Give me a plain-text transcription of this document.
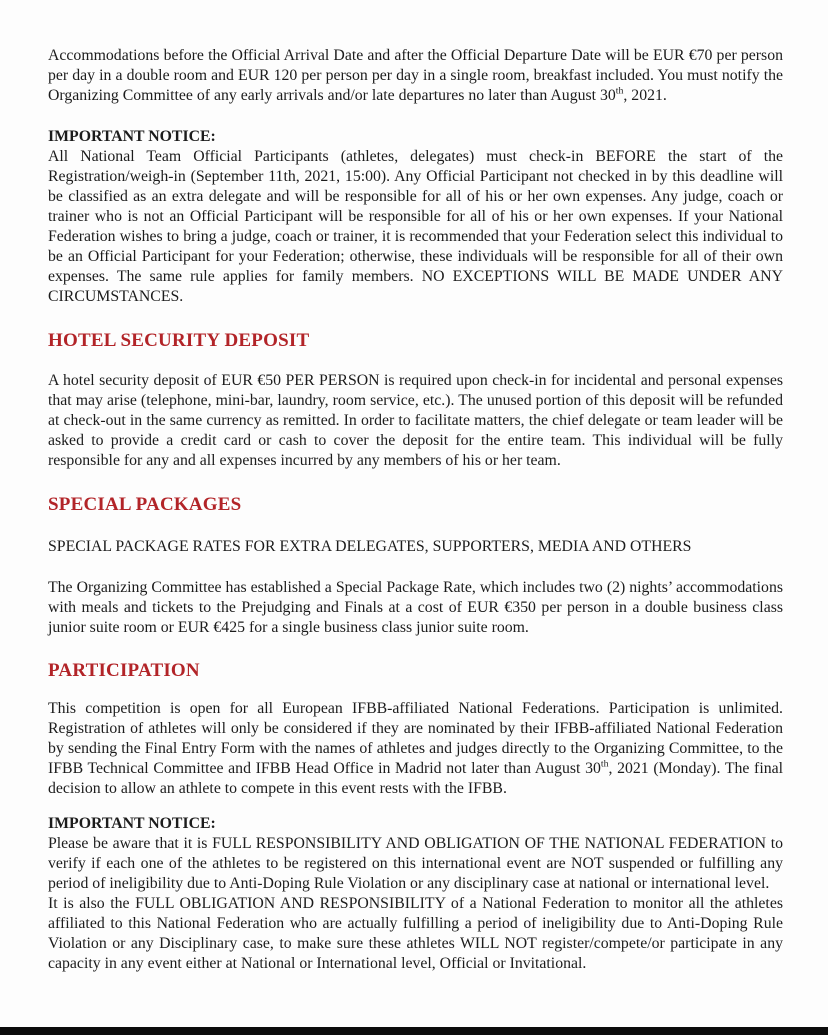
Accommodations before the Official Arrival Date and after the Official Departure Date will be EUR €70 per person per day in a double room and EUR 120 per person per day in a single room, breakfast included. You must notify the Organizing Committee of any early arrivals and/or late departures no later than August 30th, 2021.

IMPORTANT NOTICE:

All National Team Official Participants (athletes, delegates) must check-in BEFORE the start of the Registration/weigh-in (September 11th, 2021, 15:00). Any Official Participant not checked in by this deadline will be classified as an extra delegate and will be responsible for all of his or her own expenses. Any judge, coach or trainer who is not an Official Participant will be responsible for all of his or her own expenses. If your National Federation wishes to bring a judge, coach or trainer, it is recommended that your Federation select this individual to be an Official Participant for your Federation; otherwise, these individuals will be responsible for all of their own expenses. The same rule applies for family members. NO EXCEPTIONS WILL BE MADE UNDER ANY CIRCUMSTANCES.

HOTEL SECURITY DEPOSIT

A hotel security deposit of EUR €50 PER PERSON is required upon check-in for incidental and personal expenses that may arise (telephone, mini-bar, laundry, room service, etc.). The unused portion of this deposit will be refunded at check-out in the same currency as remitted. In order to facilitate matters, the chief delegate or team leader will be asked to provide a credit card or cash to cover the deposit for the entire team. This individual will be fully responsible for any and all expenses incurred by any members of his or her team.

SPECIAL PACKAGES

SPECIAL PACKAGE RATES FOR EXTRA DELEGATES, SUPPORTERS, MEDIA AND OTHERS

The Organizing Committee has established a Special Package Rate, which includes two (2) nights’ accommodations with meals and tickets to the Prejudging and Finals at a cost of EUR €350 per person in a double business class junior suite room or EUR €425 for a single business class junior suite room.

PARTICIPATION

This competition is open for all European IFBB-affiliated National Federations. Participation is unlimited. Registration of athletes will only be considered if they are nominated by their IFBB-affiliated National Federation by sending the Final Entry Form with the names of athletes and judges directly to the Organizing Committee, to the IFBB Technical Committee and IFBB Head Office in Madrid not later than August 30th, 2021 (Monday). The final decision to allow an athlete to compete in this event rests with the IFBB.

IMPORTANT NOTICE:

Please be aware that it is FULL RESPONSIBILITY AND OBLIGATION OF THE NATIONAL FEDERATION to verify if each one of the athletes to be registered on this international event are NOT suspended or fulfilling any period of ineligibility due to Anti-Doping Rule Violation or any disciplinary case at national or international level.

It is also the FULL OBLIGATION AND RESPONSIBILITY of a National Federation to monitor all the athletes affiliated to this National Federation who are actually fulfilling a period of ineligibility due to Anti-Doping Rule Violation or any Disciplinary case, to make sure these athletes WILL NOT register/compete/or participate in any capacity in any event either at National or International level, Official or Invitational.
